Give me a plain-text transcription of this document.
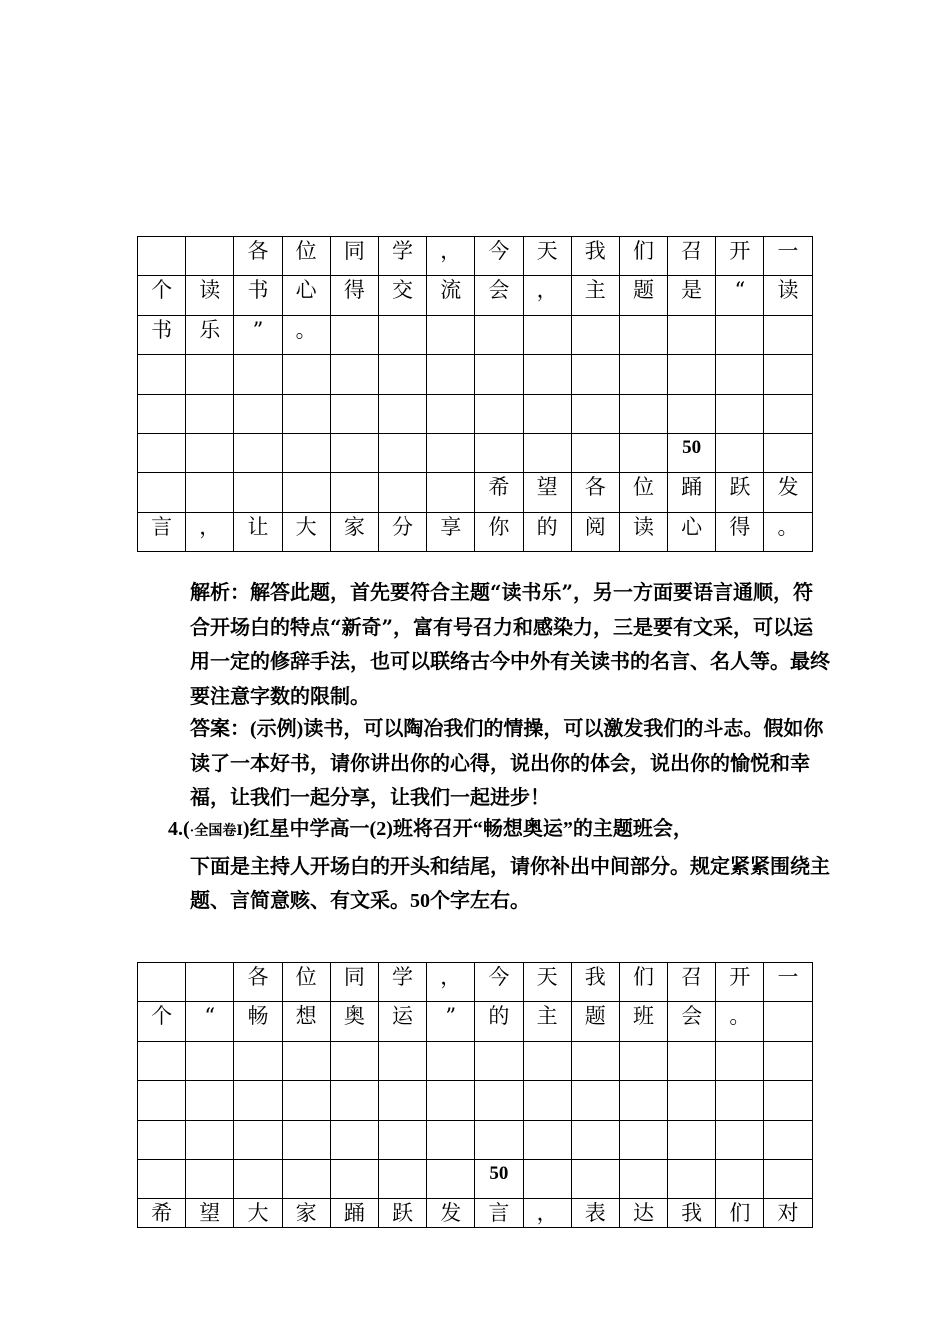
		各	位	同	学	，	今	天	我	们	召	开	一
个	读	书	心	得	交	流	会	，	主	题	是	“	读
书	乐	”	。										

											50		
							希	望	各	位	踊	跃	发
言	，	让	大	家	分	享	你	的	阅	读	心	得	。

解析：解答此题，首先要符合主题“读书乐”，另一方面要语言通顺，符合开场白的特点“新奇”，富有号召力和感染力，三是要有文采，可以运用一定的修辞手法，也可以联络古今中外有关读书的名言、名人等。最终要注意字数的限制。

答案：(示例)读书，可以陶冶我们的情操，可以激发我们的斗志。假如你读了一本好书，请你讲出你的心得，说出你的体会，说出你的愉悦和幸福，让我们一起分享，让我们一起进步！

4.(·全国卷Ⅰ)红星中学高一(2)班将召开“畅想奥运”的主题班会，
下面是主持人开场白的开头和结尾，请你补出中间部分。规定紧紧围绕主题、言简意赅、有文采。50个字左右。

		各	位	同	学	，	今	天	我	们	召	开	一
个	“	畅	想	奥	运	”	的	主	题	班	会	。	

							50						
希	望	大	家	踊	跃	发	言	，	表	达	我	们	对
